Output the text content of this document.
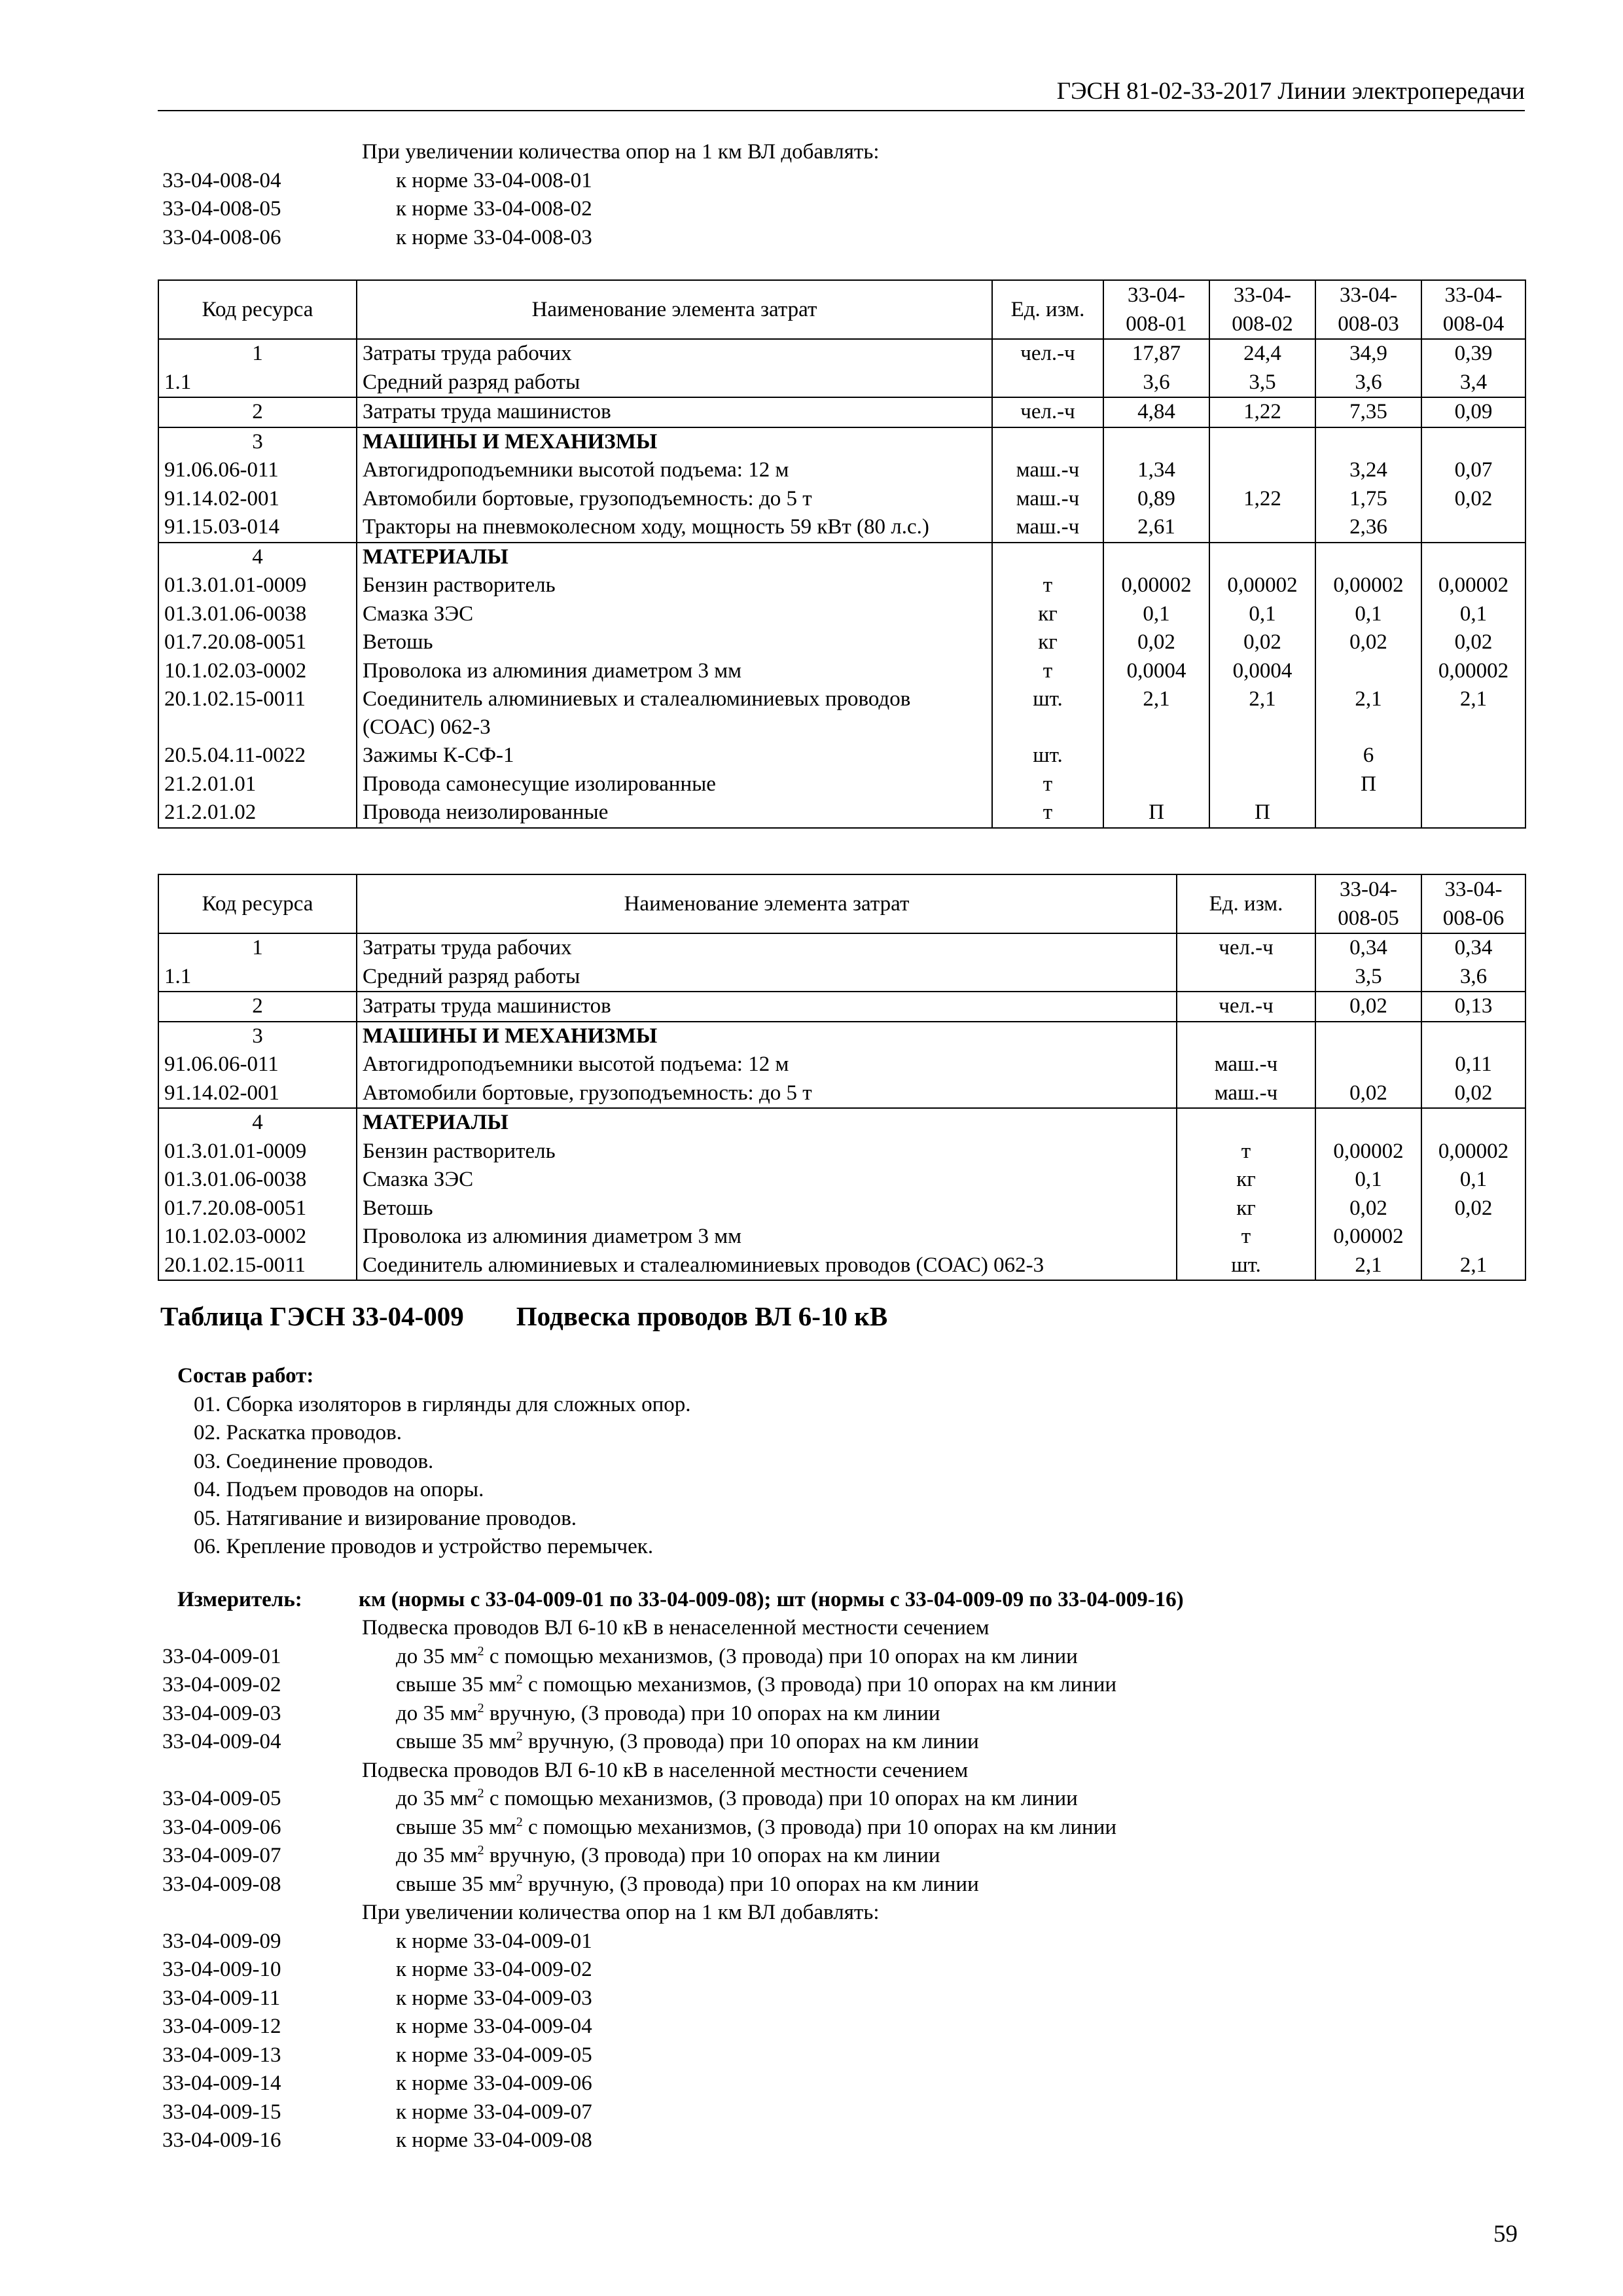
ГЭСН 81-02-33-2017 Линии электропередачи
При увеличении количества опор на 1 км ВЛ добавлять:
33-04-008-04	к норме 33-04-008-01
33-04-008-05	к норме 33-04-008-02
33-04-008-06	к норме 33-04-008-03
Код ресурса	Наименование элемента затрат	Ед. изм.	33-04-008-01	33-04-008-02	33-04-008-03	33-04-008-04
1	Затраты труда рабочих	чел.-ч	17,87	24,4	34,9	0,39
1.1	Средний разряд работы		3,6	3,5	3,6	3,4
2	Затраты труда машинистов	чел.-ч	4,84	1,22	7,35	0,09
3	МАШИНЫ И МЕХАНИЗМЫ					
91.06.06-011	Автогидроподъемники высотой подъема: 12 м	маш.-ч	1,34		3,24	0,07
91.14.02-001	Автомобили бортовые, грузоподъемность: до 5 т	маш.-ч	0,89	1,22	1,75	0,02
91.15.03-014	Тракторы на пневмоколесном ходу, мощность 59 кВт (80 л.с.)	маш.-ч	2,61		2,36	
4	МАТЕРИАЛЫ					
01.3.01.01-0009	Бензин растворитель	т	0,00002	0,00002	0,00002	0,00002
01.3.01.06-0038	Смазка ЗЭС	кг	0,1	0,1	0,1	0,1
01.7.20.08-0051	Ветошь	кг	0,02	0,02	0,02	0,02
10.1.02.03-0002	Проволока из алюминия диаметром 3 мм	т	0,0004	0,0004		0,00002
20.1.02.15-0011	Соединитель алюминиевых и сталеалюминиевых проводов (СОАС) 062-3	шт.	2,1	2,1	2,1	2,1
20.5.04.11-0022	Зажимы К-СФ-1	шт.			6	
21.2.01.01	Провода самонесущие изолированные	т			П	
21.2.01.02	Провода неизолированные	т	П	П		
Код ресурса	Наименование элемента затрат	Ед. изм.	33-04-008-05	33-04-008-06
1	Затраты труда рабочих	чел.-ч	0,34	0,34
1.1	Средний разряд работы		3,5	3,6
2	Затраты труда машинистов	чел.-ч	0,02	0,13
3	МАШИНЫ И МЕХАНИЗМЫ			
91.06.06-011	Автогидроподъемники высотой подъема: 12 м	маш.-ч		0,11
91.14.02-001	Автомобили бортовые, грузоподъемность: до 5 т	маш.-ч	0,02	0,02
4	МАТЕРИАЛЫ			
01.3.01.01-0009	Бензин растворитель	т	0,00002	0,00002
01.3.01.06-0038	Смазка ЗЭС	кг	0,1	0,1
01.7.20.08-0051	Ветошь	кг	0,02	0,02
10.1.02.03-0002	Проволока из алюминия диаметром 3 мм	т	0,00002	
20.1.02.15-0011	Соединитель алюминиевых и сталеалюминиевых проводов (СОАС) 062-3	шт.	2,1	2,1
Таблица ГЭСН 33-04-009 Подвеска проводов ВЛ 6-10 кВ
Состав работ:
01. Сборка изоляторов в гирлянды для сложных опор.
02. Раскатка проводов.
03. Соединение проводов.
04. Подъем проводов на опоры.
05. Натягивание и визирование проводов.
06. Крепление проводов и устройство перемычек.
Измеритель:	км (нормы с 33-04-009-01 по 33-04-009-08); шт (нормы с 33-04-009-09 по 33-04-009-16)
Подвеска проводов ВЛ 6-10 кВ в ненаселенной местности сечением
33-04-009-01	до 35 $мм^2$ с помощью механизмов, (3 провода) при 10 опорах на км линии
33-04-009-02	свыше 35 $мм^2$ с помощью механизмов, (3 провода) при 10 опорах на км линии
33-04-009-03	до 35 $мм^2$ вручную, (3 провода) при 10 опорах на км линии
33-04-009-04	свыше 35 $мм^2$ вручную, (3 провода) при 10 опорах на км линии
Подвеска проводов ВЛ 6-10 кВ в населенной местности сечением
33-04-009-05	до 35 $мм^2$ с помощью механизмов, (3 провода) при 10 опорах на км линии
33-04-009-06	свыше 35 $мм^2$ с помощью механизмов, (3 провода) при 10 опорах на км линии
33-04-009-07	до 35 $мм^2$ вручную, (3 провода) при 10 опорах на км линии
33-04-009-08	свыше 35 $мм^2$ вручную, (3 провода) при 10 опорах на км линии
При увеличении количества опор на 1 км ВЛ добавлять:
33-04-009-09	к норме 33-04-009-01
33-04-009-10	к норме 33-04-009-02
33-04-009-11	к норме 33-04-009-03
33-04-009-12	к норме 33-04-009-04
33-04-009-13	к норме 33-04-009-05
33-04-009-14	к норме 33-04-009-06
33-04-009-15	к норме 33-04-009-07
33-04-009-16	к норме 33-04-009-08
59
